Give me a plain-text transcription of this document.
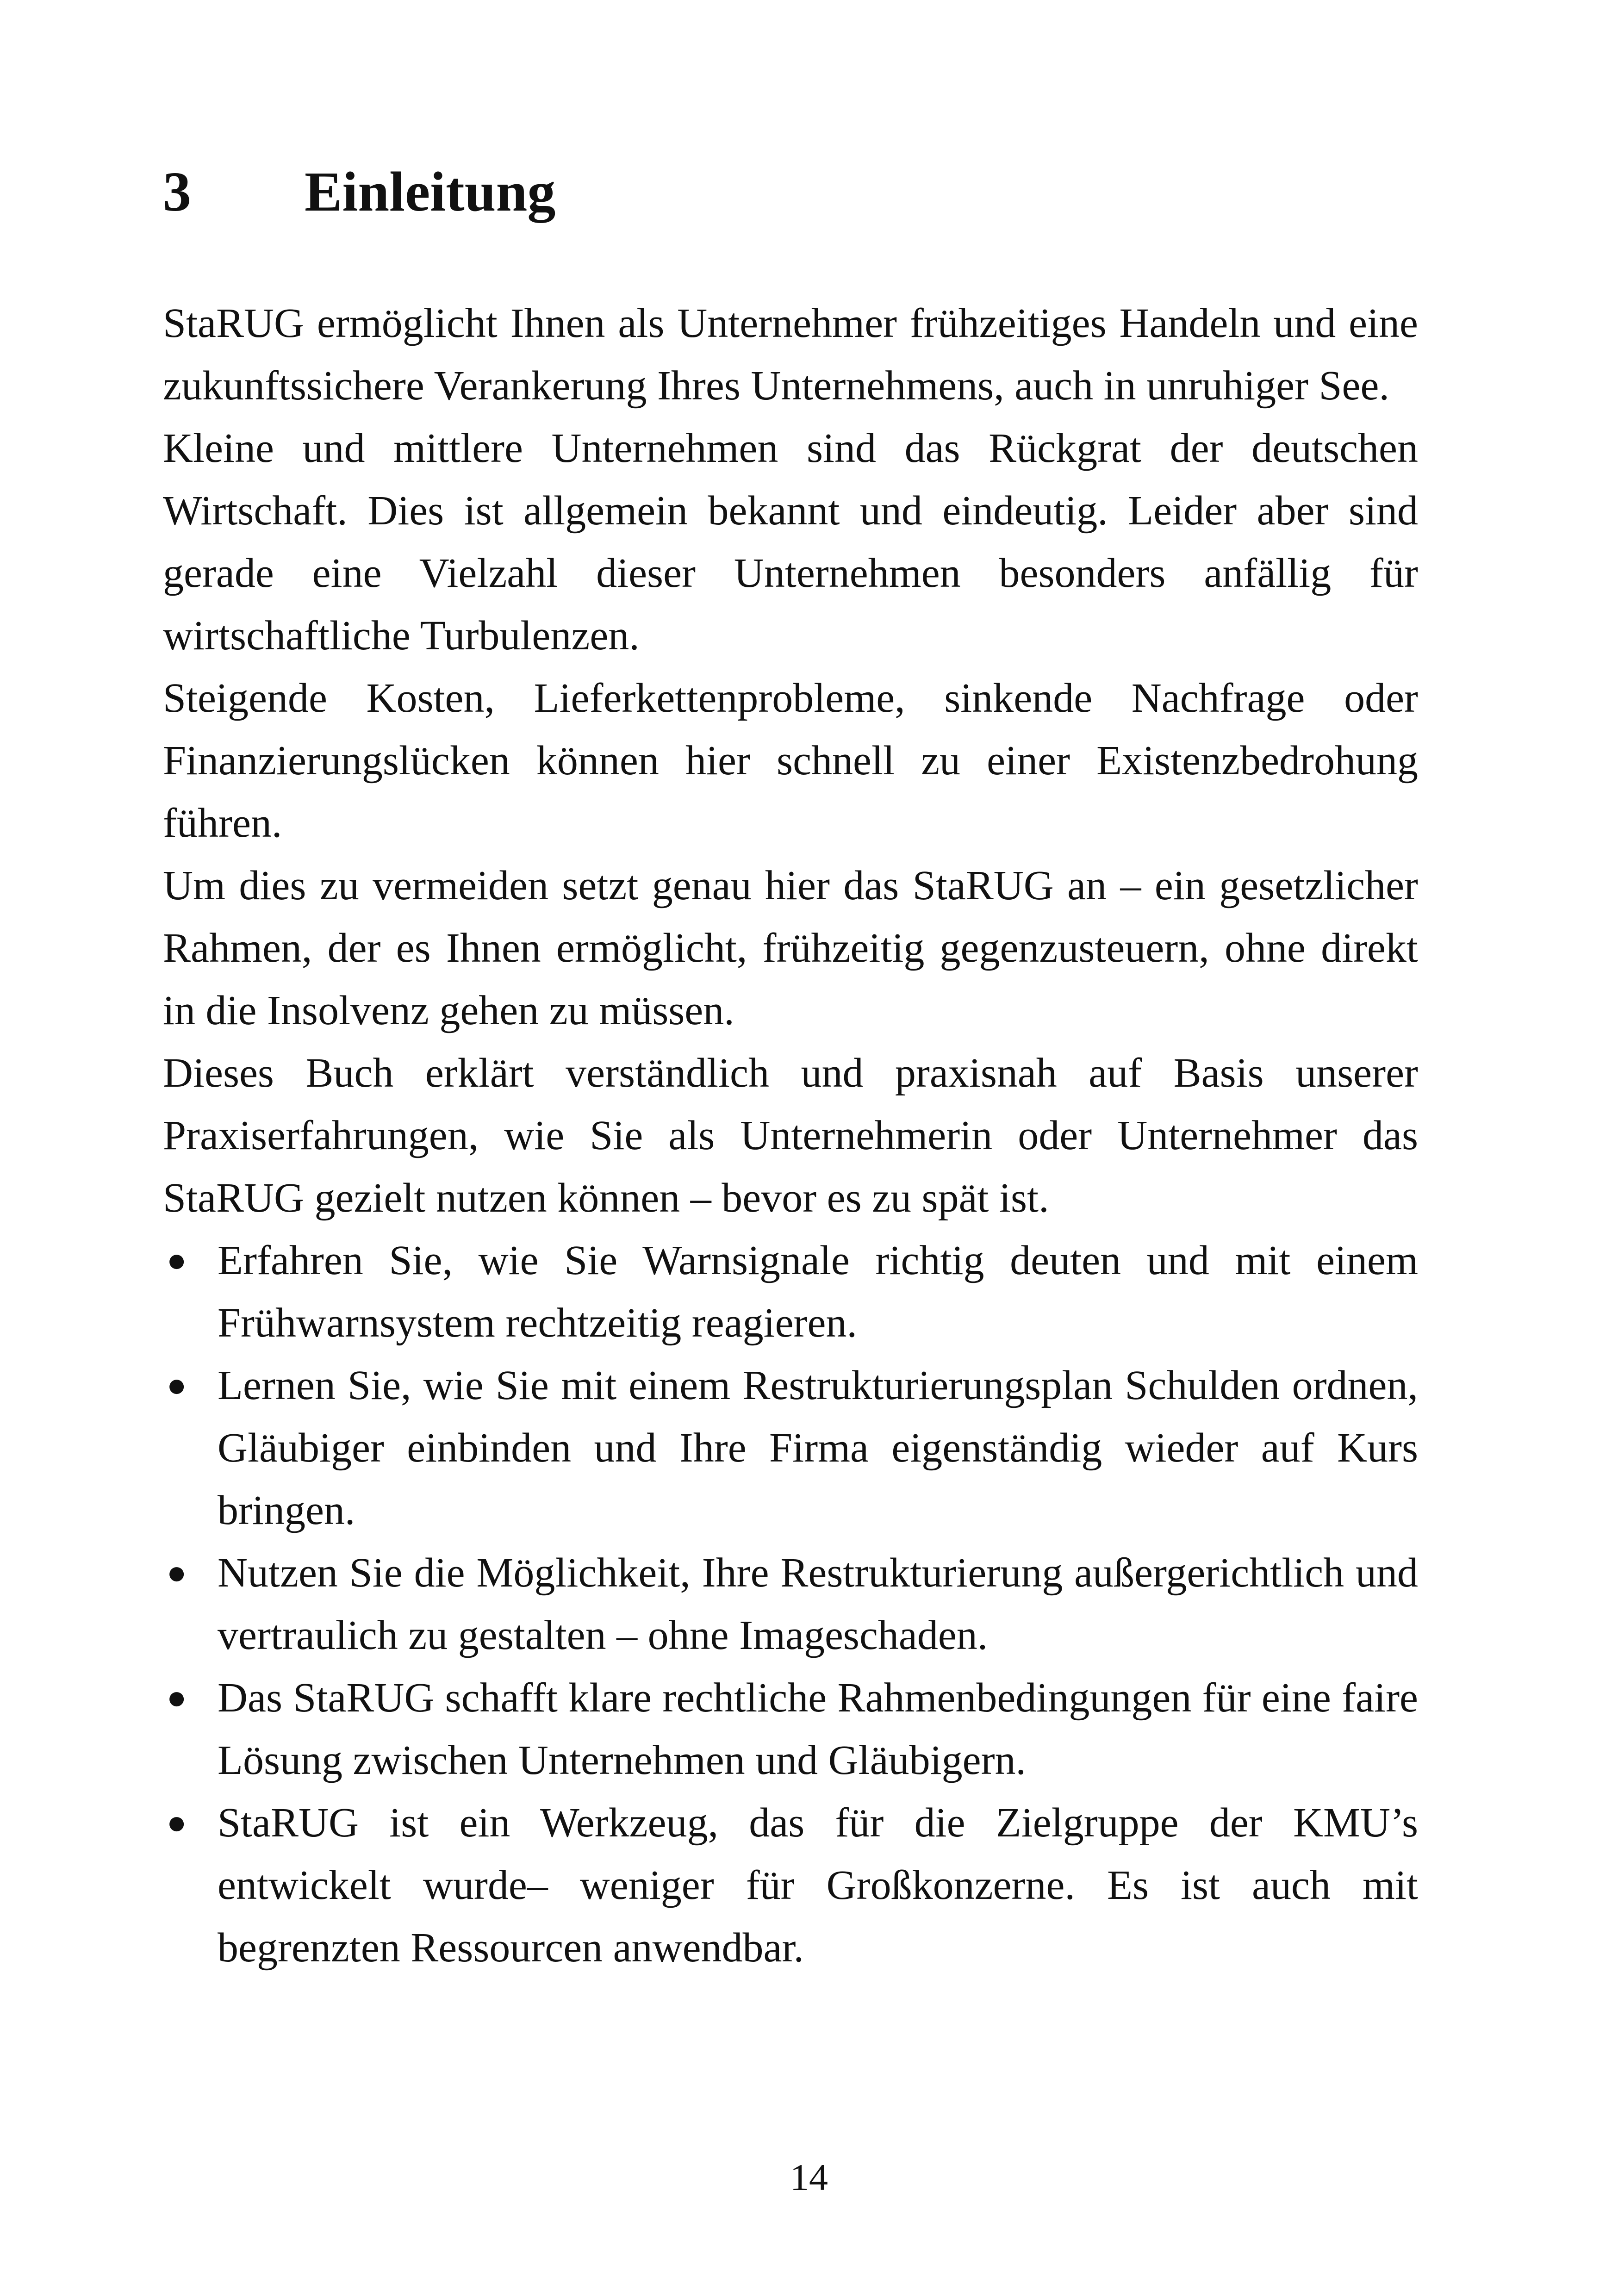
3 Einleitung

StaRUG ermöglicht Ihnen als Unternehmer frühzeitiges Handeln und eine zukunftssichere Verankerung Ihres Unternehmens, auch in unruhiger See.

Kleine und mittlere Unternehmen sind das Rückgrat der deutschen Wirtschaft. Dies ist allgemein bekannt und eindeutig. Leider aber sind gerade eine Vielzahl dieser Unternehmen besonders anfällig für wirtschaftliche Turbulenzen.

Steigende Kosten, Lieferkettenprobleme, sinkende Nachfrage oder Finanzierungslücken können hier schnell zu einer Existenzbedrohung führen.

Um dies zu vermeiden setzt genau hier das StaRUG an – ein gesetzlicher Rahmen, der es Ihnen ermöglicht, frühzeitig gegenzusteuern, ohne direkt in die Insolvenz gehen zu müssen.

Dieses Buch erklärt verständlich und praxisnah auf Basis unserer Praxiserfahrungen, wie Sie als Unternehmerin oder Unternehmer das StaRUG gezielt nutzen können – bevor es zu spät ist.

● Erfahren Sie, wie Sie Warnsignale richtig deuten und mit einem Frühwarnsystem rechtzeitig reagieren.
● Lernen Sie, wie Sie mit einem Restrukturierungsplan Schulden ordnen, Gläubiger einbinden und Ihre Firma eigenständig wieder auf Kurs bringen.
● Nutzen Sie die Möglichkeit, Ihre Restrukturierung außergerichtlich und vertraulich zu gestalten – ohne Imageschaden.
● Das StaRUG schafft klare rechtliche Rahmenbedingungen für eine faire Lösung zwischen Unternehmen und Gläubigern.
● StaRUG ist ein Werkzeug, das für die Zielgruppe der KMU’s entwickelt wurde– weniger für Großkonzerne. Es ist auch mit begrenzten Ressourcen anwendbar.
14
